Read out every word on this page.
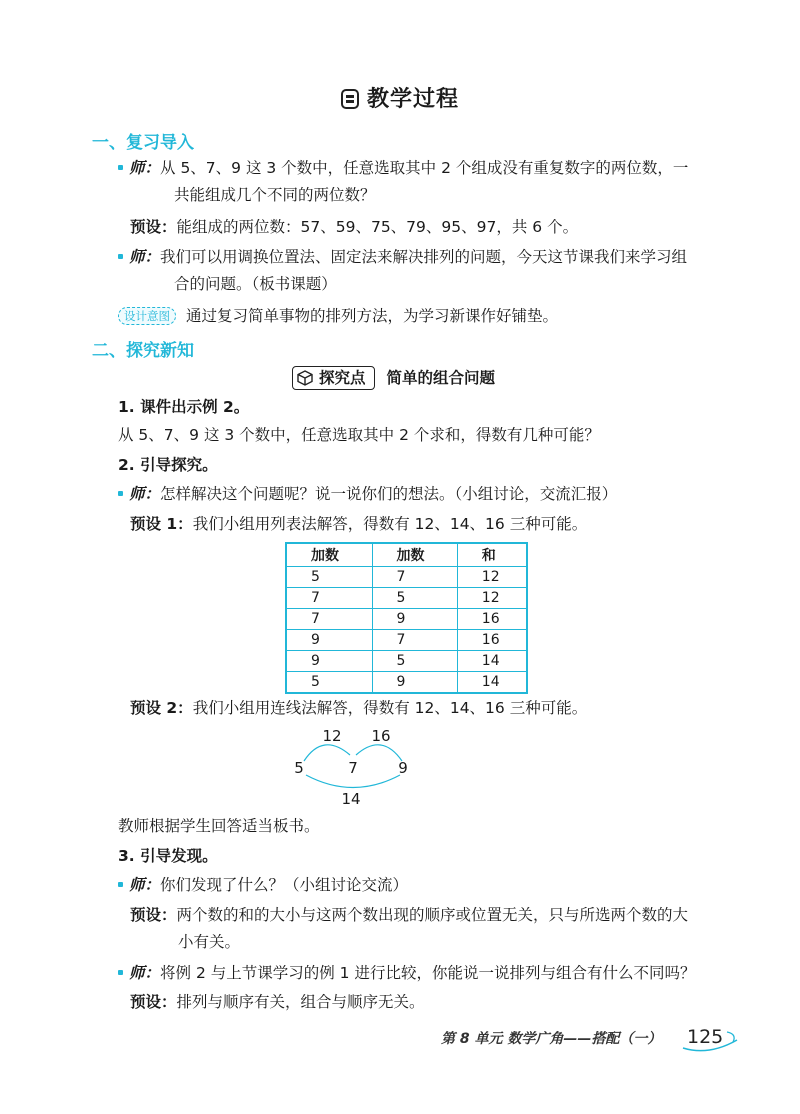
教学过程
一、复习导入
师：从 5、7、9 这 3 个数中，任意选取其中 2 个组成没有重复数字的两位数，一
共能组成几个不同的两位数？
预设：能组成的两位数：57、59、75、79、95、97，共 6 个。
师：我们可以用调换位置法、固定法来解决排列的问题，今天这节课我们来学习组
合的问题。（板书课题）
设计意图 通过复习简单事物的排列方法，为学习新课作好铺垫。
二、探究新知
探究点 简单的组合问题
1. 课件出示例 2。
从 5、7、9 这 3 个数中，任意选取其中 2 个求和，得数有几种可能？
2. 引导探究。
师：怎样解决这个问题呢？说一说你们的想法。（小组讨论，交流汇报）
预设 1：我们小组用列表法解答，得数有 12、14、16 三种可能。
加数	加数	和
5	7	12
7	5	12
7	9	16
9	7	16
9	5	14
5	9	14
预设 2：我们小组用连线法解答，得数有 12、14、16 三种可能。
12 16
5	7	9
14
教师根据学生回答适当板书。
3. 引导发现。
师：你们发现了什么？（小组讨论交流）
预设：两个数的和的大小与这两个数出现的顺序或位置无关，只与所选两个数的大
小有关。
师：将例 2 与上节课学习的例 1 进行比较，你能说一说排列与组合有什么不同吗？
预设：排列与顺序有关，组合与顺序无关。
第 8 单元 数学广角——搭配（一） 125
